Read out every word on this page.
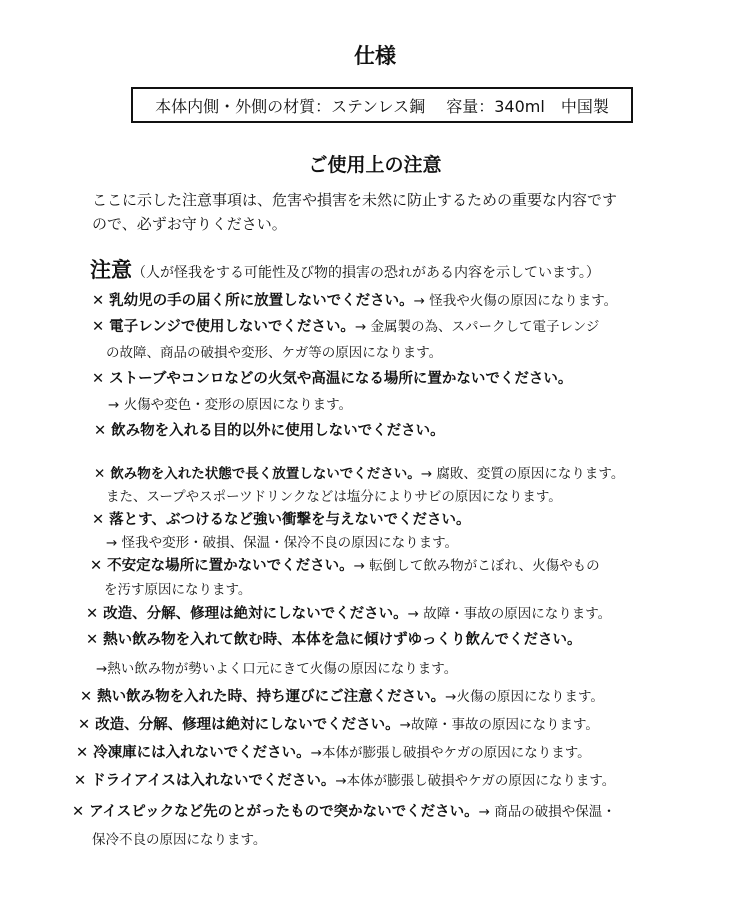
仕様
本体内側・外側の材質：ステンレス鋼　 容量：340ml　中国製
ご使用上の注意
ここに示した注意事項は、危害や損害を未然に防止するための重要な内容です
ので、必ずお守りください。
注意（人が怪我をする可能性及び物的損害の恐れがある内容を示しています。）
✕ 乳幼児の手の届く所に放置しないでください。→ 怪我や火傷の原因になります。
✕ 電子レンジで使用しないでください。→ 金属製の為、スパークして電子レンジ
の故障、商品の破損や変形、ケガ等の原因になります。
✕ ストーブやコンロなどの火気や高温になる場所に置かないでください。
→ 火傷や変色・変形の原因になります。
✕ 飲み物を入れる目的以外に使用しないでください。
✕ 飲み物を入れた状態で長く放置しないでください。→ 腐敗、変質の原因になります。
また、スープやスポーツドリンクなどは塩分によりサビの原因になります。
✕ 落とす、ぶつけるなど強い衝撃を与えないでください。
→ 怪我や変形・破損、保温・保冷不良の原因になります。
✕ 不安定な場所に置かないでください。→ 転倒して飲み物がこぼれ、火傷やもの
を汚す原因になります。
✕ 改造、分解、修理は絶対にしないでください。→ 故障・事故の原因になります。
✕ 熱い飲み物を入れて飲む時、本体を急に傾けずゆっくり飲んでください。
→熱い飲み物が勢いよく口元にきて火傷の原因になります。
✕ 熱い飲み物を入れた時、持ち運びにご注意ください。→火傷の原因になります。
✕ 改造、分解、修理は絶対にしないでください。→故障・事故の原因になります。
✕ 冷凍庫には入れないでください。→本体が膨張し破損やケガの原因になります。
✕ ドライアイスは入れないでください。→本体が膨張し破損やケガの原因になります。
✕ アイスピックなど先のとがったもので突かないでください。→ 商品の破損や保温・
保冷不良の原因になります。
